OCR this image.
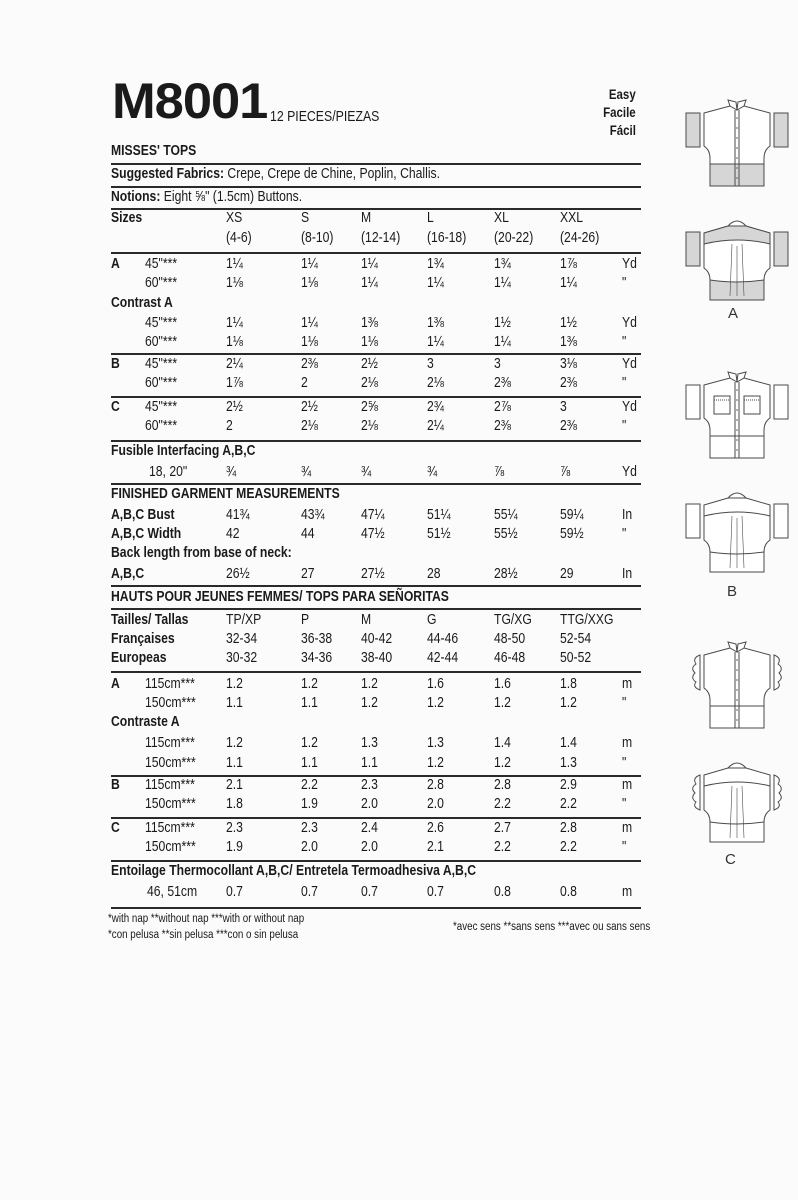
M8001 12 PIECES/PIEZAS
Easy
Facile
Fácil
MISSES' TOPS
Suggested Fabrics: Crepe, Crepe de Chine, Poplin, Challis.
Notions: Eight ⅝" (1.5cm) Buttons.
Sizes	XS	S	M	L	XL	XXL
(4-6)	(8-10) (12-14) (16-18) (20-22) (24-26)
A 45"***	1¼	1¼	1¼	1¾	1¾	1⅞	Yd
60"***	1⅛	1⅛	1¼	1¼	1¼	1¼	"
45"***	1¼	1¼	1⅜	1⅜	1½	1½	Yd
60"***	1⅛	1⅛	1⅛	1¼	1¼	1⅜	"
B 45"***	2¼	2⅜	2½	3	3	3⅛	Yd
60"***	1⅞	2	2⅛	2⅛	2⅜	2⅜	"
C 45"***	2½	2½	2⅝	2¾	2⅞	3	Yd
60"***	2	2⅛	2⅛	2¼	2⅜	2⅜	"
Contrast A
Fusible Interfacing A,B,C
18, 20"	¾	¾	¾	¾	⅞	⅞	Yd
FINISHED GARMENT MEASUREMENTS
A,B,C Bust	41¾	43¾	47¼	51¼	55¼	59¼	In
A,B,C Width	42	44	47½	51½	55½	59½	"
Back length from base of neck:
A,B,C	26½	27	27½	28	28½	29	In
HAUTS POUR JEUNES FEMMES/ TOPS PARA SEÑORITAS
Tailles/ Tallas	TP/XP	P	M	G	TG/XG TTG/XXG
Françaises	32-34	36-38 40-42 44-46 48-50 52-54
Europeas	30-32	34-36 38-40 42-44 46-48 50-52
A 115cm*** 1.2	1.2	1.2	1.6	1.6	1.8	m
150cm*** 1.1	1.1	1.2	1.2	1.2	1.2	"
115cm*** 1.2	1.2	1.3	1.3	1.4	1.4	m
150cm*** 1.1	1.1	1.1	1.2	1.2	1.3	"
B 115cm*** 2.1	2.2	2.3	2.8	2.8	2.9	m
150cm*** 1.8	1.9	2.0	2.0	2.2	2.2	"
C 115cm*** 2.3	2.3	2.4	2.6	2.7	2.8	m
150cm*** 1.9	2.0	2.0	2.1	2.2	2.2	"
Contraste A
Entoilage Thermocollant A,B,C/ Entretela Termoadhesiva A,B,C
46, 51cm 0.7	0.7	0.7	0.7	0.8	0.8	m
*with nap **without nap ***with or without nap
*con pelusa **sin pelusa ***con o sin pelusa
*avec sens **sans sens ***avec ou sans sens
A
B
C
